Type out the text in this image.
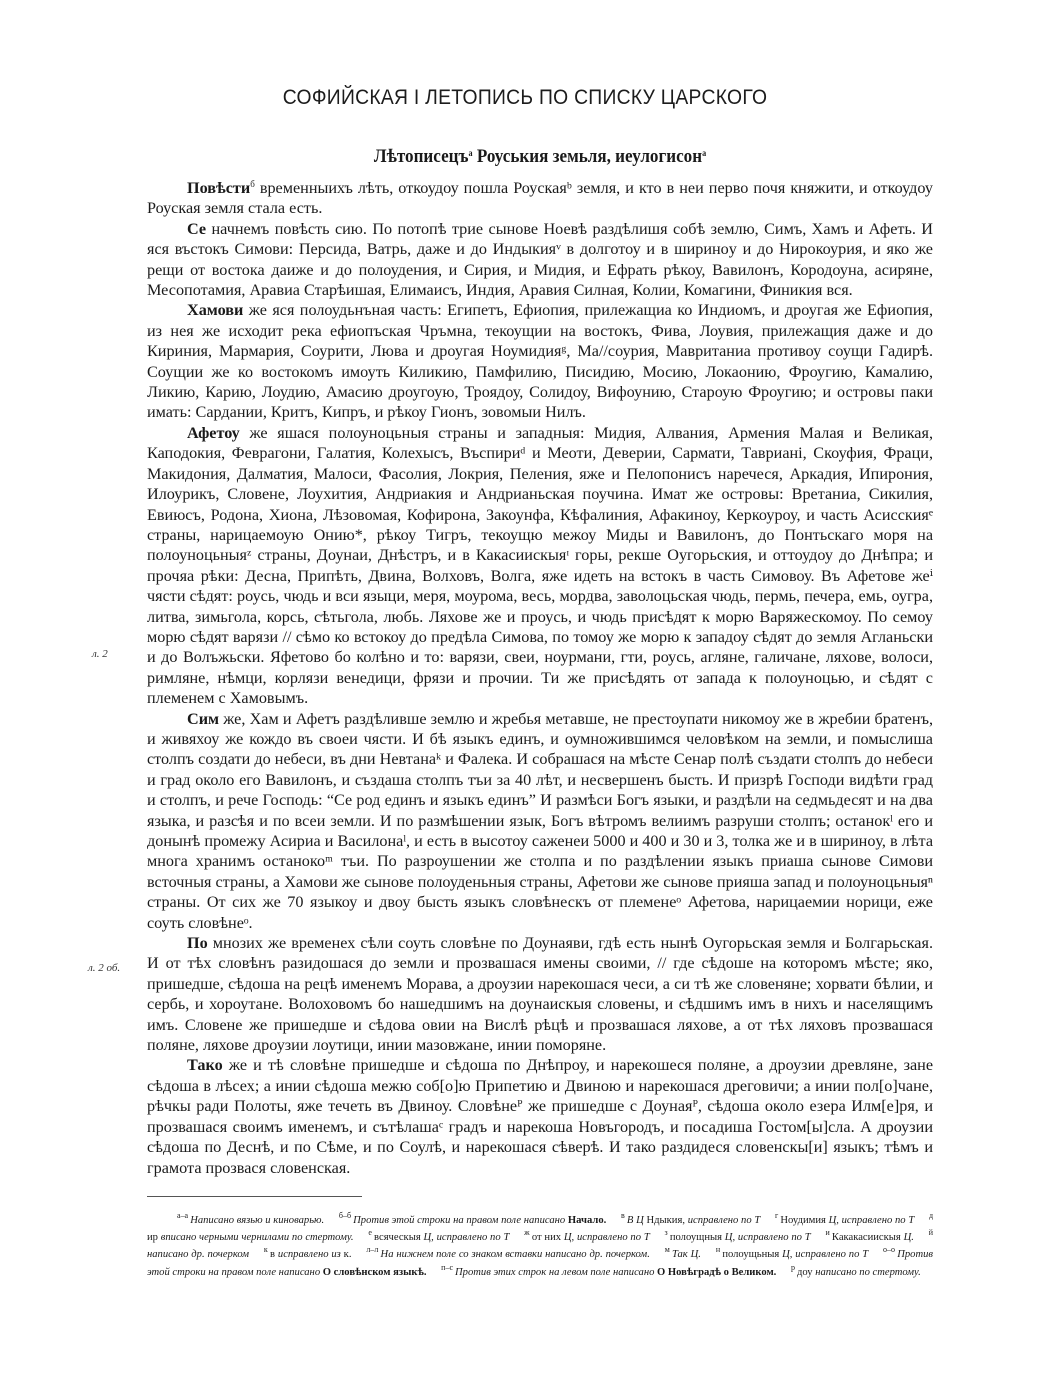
СОФИЙСКАЯ I ЛЕТОПИСЬ ПО СПИСКУ ЦАРСКОГО
Лѣтописецъ$^а$ Роуськия земьля, иеулогисон$^а$

Повѣсти$^б$ временныихъ лѣть, откоудоу пошла Роускаяᵇ земля, и кто в неи перво почя княжити, и откоудоу Роуская земля стала есть.

Се начнемъ повѣсть сию. По потопѣ трие сынове Ноевѣ раздѣлишя собѣ землю, Симъ, Хамъ и Афеть. И яся въстокъ Симови: Персида, Ватрь, даже и до Индыкияᵛ в долготоу и в ширинoу и до Нирокоурия, и яко же рещи от востока даиже и до полоудения, и Сирия, и Мидия, и Ефрать рѣкоу, Вавилонъ, Кородоуна, асиряне, Месопотамия, Аравиа Старѣишая, Елимаисъ, Индия, Аравия Силная, Колии, Комагини, Финикия вся.

Хамови же яся полоудьнъная часть: Египетъ, Ефиопия, прилежащиа ко Индиомъ, и дроугая же Ефиопия, из нея же исходит река ефиопъская Чръмна, текоущии на востокъ, Фива, Лоувия, прилежащия даже и до Кириния, Мармария, Соурити, Люва и дроугая Ноумидияᵍ, Ма//соурия, Мавританиа противоу соущи Гадирѣ. Соущии же ко востокомъ имоуть Киликию, Памфилию, Писидию, Мосию, Локаонию, Фроугию, Камалию, Ликию, Карию, Лоудию, Амасию дроугоую, Троядоу, Солидоу, Вифоунию, Староую Фроугию; и островы паки имать: Сардании, Критъ, Кипръ, и рѣкоу Гионъ, зовомыи Нилъ.

Афетоу же яшася полоуноцьныя страны и западныя: Мидия, Алвания, Армения Малая и Великая, Каподокия, Февpагони, Галатия, Колехысъ, Въспириᵈ и Меоти, Деверии, Сармати, Таврианi, Скоуфия, Фраци, Макидония, Далматия, Малоси, Фасолия, Локрия, Пеления, яже и Пелопонисъ наречеся, Аркадия, Ипирония, Илоурикъ, Словене, Лоухития, Андриакия и Андрианьская поучина. Имат же островы: Вретаниа, Сикилия, Евиюсъ, Родона, Хиона, Лѣзовомая, Кофирона, Закоунфа, Кѣфалиния, Афакиноу, Керкоуроу, и часть Асисскияᵉ страны, нарицаемоую Онию*, рѣкоу Тигръ, текоущю межоу Миды и Вавилонъ, до Понтьскаго моря на полоуноцьныяᶻ страны, Доунаи, Днѣстръ, и в Какасиискыяᶦ горы, рекше Оугорьския, и оттоудоу до Днѣпра; и прочяа рѣки: Десна, Припѣть, Двина, Волховъ, Волга, яже идеть на встокъ в часть Симовоу. Въ Афетове жеⁱ чясти сѣдят: роусь, чюдь и вси языци, меря, моурома, весь, мордва, заволоцьская чюдь, пермь, печера, емь, оугра, литва, зимьгола, корсь, сѣтьгола, любь. Ляхове же и проусь, и чюдь присѣдят к морю Варяжескомоу. По семоу морю сѣдят варязи // сѣмо ко встокоу до предѣла Симова, по томоу же морю к западоу сѣдят до земля Агланьски и до Волъжьски. Яфетово бо колѣно и то: варязи, свеи, ноурмани, гти, роусь, агляне, галичане, ляхове, волоси, римляне, нѣмци, корлязи венедици, фрязи и прочии. Ти же присѣдять от запада к полоуноцью, и сѣдят с племенем с Хамовымъ.

Сим же, Хам и Афетъ раздѣливше землю и жребья метавше, не престоупати никомоу же в жребии братенъ, и живяхоу же кождо въ своеи чясти. И бѣ языкъ единъ, и оумножившимся человѣком на земли, и помыслиша столпъ создати до небеси, въ дни Невтанаᵏ и Фалека. И собрашася на мѣсте Сенар полѣ създати столпъ до небеси и град около его Вавилонъ, и създаша столпъ тъи за 40 лѣт, и несвершенъ бысть. И призрѣ Господи видѣти град и столпъ, и рече Господь: “Се род единъ и языкъ единъ” И размѣси Богъ языки, и раздѣли на седмьдесят и на два языка, и разсѣя и по всеи земли. И по размѣшении язык, Богъ вѣтромъ велиимъ разруши столпъ; останокˡ его и донынѣ промежу Асириа и Василонаˡ, и есть в высотоу саженеи 5000 и 400 и 30 и 3, толка же и в ширинoу, в лѣта многа хранимъ останокоᵐ тъи. По разроушении же столпа и по раздѣлении языкъ приаша сынове Симови всточныя страны, а Хамови же сынове полоуденьныя страны, Афетови же сынове прияша запад и полоуноцьныяⁿ страны. От сих же 70 языкоу и двоу бысть языкъ словѣнескъ от племенеᵒ Афетова, нарицаемии норици, еже соуть словѣнеᵒ.

По мнозих же временех сѣли соуть словѣне по Доунаяви, гдѣ есть нынѣ Оугорьская земля и Болгарьская. И от тѣх словѣнъ разидошася до земли и прозвашася имены своими, // где сѣдоше на которомъ мѣсте; яко, пришедше, сѣдоша на рецѣ именемъ Морава, а дроузии нарекошася чеси, а си тѣ же словеняне; хорвати бѣлии, и сербь, и хороутане. Волоховомъ бо нашедшимъ на доунаискыя словены, и сѣдшимъ имъ в нихъ и населящимъ имъ. Словене же пришедше и сѣдова овии на Вислѣ рѣцѣ и прозвашася ляхове, а от тѣх ляховъ прозвашася поляне, ляхове дроузии лоутици, инии мазовжане, инии поморяне.

Тако же и тѣ словѣне пришедше и сѣдоша по Днѣпроу, и нарекошеся поляне, а дроузии древляне, зане сѣдоша в лѣсех; а инии сѣдоша межю соб[о]ю Припетию и Двиною и нарекошася дреговичи; а инии пол[о]чане, рѣчкы ради Полоты, яже течеть въ Двиноу. Словѣнеᴾ же пришедше с Доунаяᴾ, сѣдоша около езера Илм[е]ря, и прозвашася своимъ именемъ, и сътѣлашаᶜ градъ и нарекоша Новъгородъ, и посадиша Гостом[ы]сла. А дроузии сѣдоша по Деснѣ, и по Сѣме, и по Соулѣ, и нарекошася сѣверѣ. И тако раздидеся словенскы[и] языкъ; тѣмъ и грамота прозвася словенская.

л. 2
л. 2 об.
$^{а-а}$ Написано вязью и киноварью. $^{б-б}$ Против этой строки на правом поле написано Начало. $^в$ В Ц Ндыкия, исправлено по Т $^г$ Ноудимия Ц, исправлено по Т $^д$ ир вписано черными чернилами по стертому. $^е$ всяческыя Ц, исправлено по Т $^ж$ от них Ц, исправлено по Т $^з$ полоущныя Ц, исправлено по Т $^и$ Какакасиискыя Ц. $^й$ написано др. почерком $^к$ в исправлено из к. $^{л-л}$ На нижнем поле со знаком вставки написано др. почерком. $^м$ Так Ц. $^н$ полоущьныя Ц, исправлено по Т $^{о-о}$ Против этой строки на правом поле написано О словѣнском языкѣ. $^{п-с}$ Против этих строк на левом поле написано О Новѣградѣ о Великом. $^р$ доу написано по стертому.
